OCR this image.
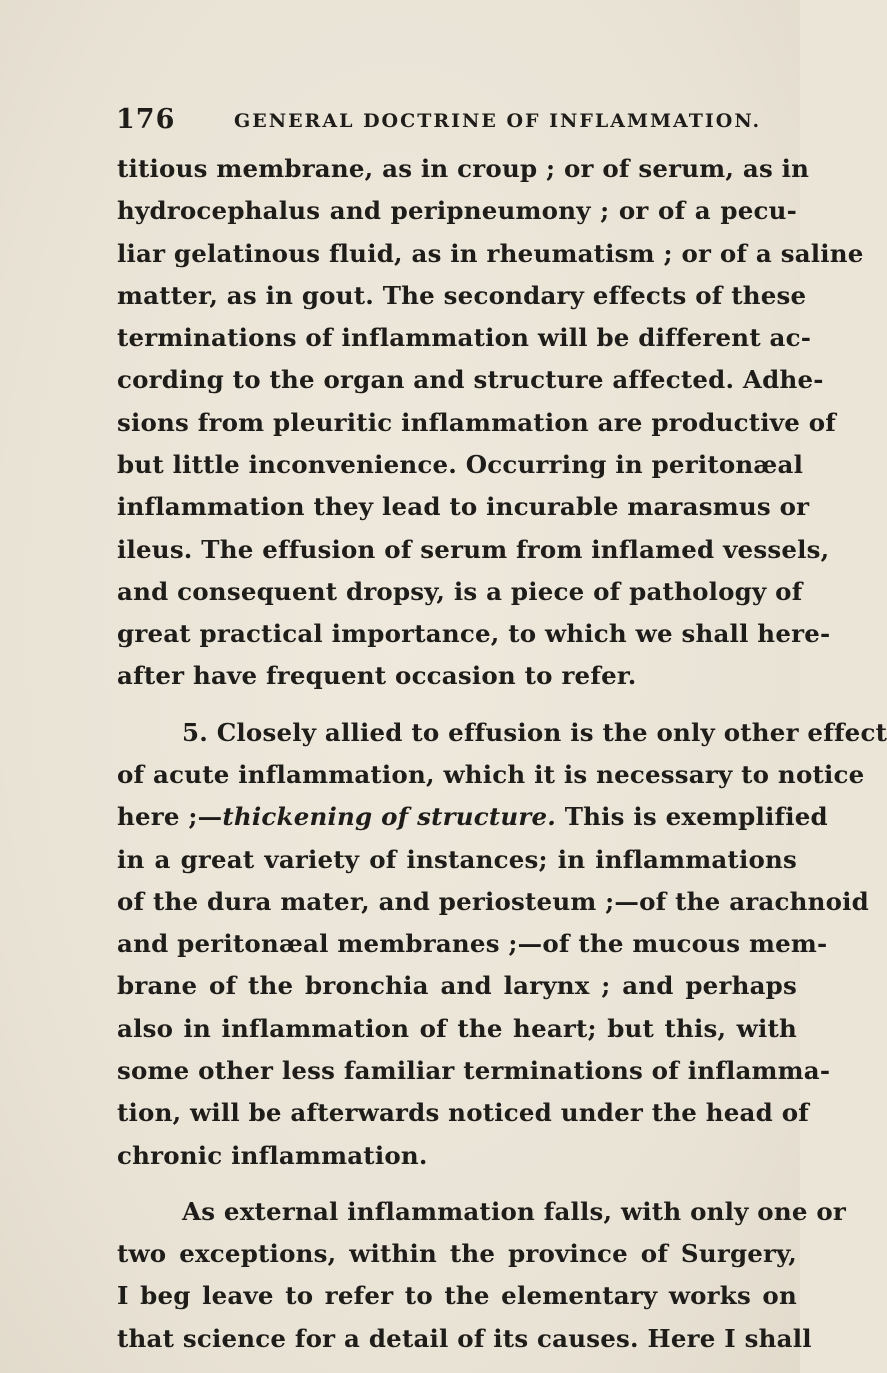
176	GENERAL DOCTRINE OF INFLAMMATION.
titious membrane, as in croup ; or of serum, as in
hydrocephalus and peripneumony ; or of a pecu-
liar gelatinous fluid, as in rheumatism ; or of a saline
matter, as in gout. The secondary effects of these
terminations of inflammation will be different ac-
cording to the organ and structure affected. Adhe-
sions from pleuritic inflammation are productive of
but little inconvenience. Occurring in peritonæal
inflammation they lead to incurable marasmus or
ileus. The effusion of serum from inflamed vessels,
and consequent dropsy, is a piece of pathology of
great practical importance, to which we shall here-
after have frequent occasion to refer.
5. Closely allied to effusion is the only other effect
of acute inflammation, which it is necessary to notice
here ;—thickening of structure. This is exemplified
in a great variety of instances; in inflammations
of the dura mater, and periosteum ;—of the arachnoid
and peritonæal membranes ;—of the mucous mem-
brane of the bronchia and larynx ; and perhaps
also in inflammation of the heart; but this, with
some other less familiar terminations of inflamma-
tion, will be afterwards noticed under the head of
chronic inflammation.
As external inflammation falls, with only one or
two exceptions, within the province of Surgery,
I beg leave to refer to the elementary works on
that science for a detail of its causes. Here I shall
